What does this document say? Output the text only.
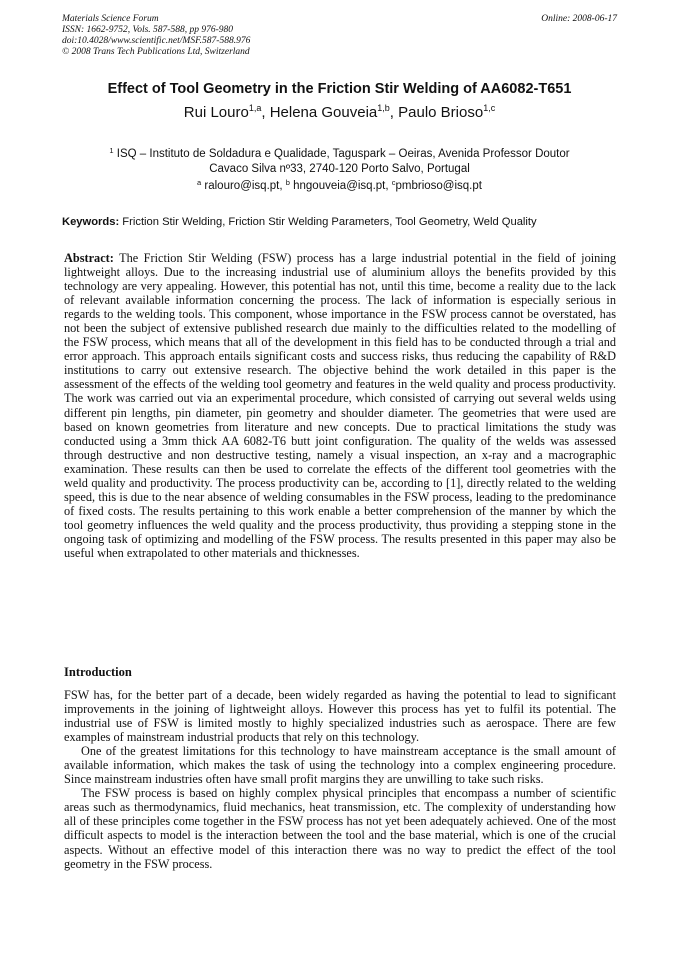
Materials Science Forum
ISSN: 1662-9752, Vols. 587-588, pp 976-980
doi:10.4028/www.scientific.net/MSF.587-588.976
© 2008 Trans Tech Publications Ltd, Switzerland
Online: 2008-06-17
Effect of Tool Geometry in the Friction Stir Welding of AA6082-T651
Rui Louro$^{1,a}$, Helena Gouveia$^{1,b}$, Paulo Brioso$^{1,c}$
$^1$ ISQ – Instituto de Soldadura e Qualidade, Taguspark – Oeiras, Avenida Professor Doutor
Cavaco Silva nº33, 2740-120 Porto Salvo, Portugal
$^a$ ralouro@isq.pt, $^b$ hngouveia@isq.pt, $^c$pmbrioso@isq.pt
Keywords: Friction Stir Welding, Friction Stir Welding Parameters, Tool Geometry, Weld Quality
Abstract: The Friction Stir Welding (FSW) process has a large industrial potential in the field of joining lightweight alloys. Due to the increasing industrial use of aluminium alloys the benefits provided by this technology are very appealing. However, this potential has not, until this time, become a reality due to the lack of relevant available information concerning the process. The lack of information is especially serious in regards to the welding tools. This component, whose importance in the FSW process cannot be overstated, has not been the subject of extensive published research due mainly to the difficulties related to the modelling of the FSW process, which means that all of the development in this field has to be conducted through a trial and error approach. This approach entails significant costs and success risks, thus reducing the capability of R&D institutions to carry out extensive research. The objective behind the work detailed in this paper is the assessment of the effects of the welding tool geometry and features in the weld quality and process productivity. The work was carried out via an experimental procedure, which consisted of carrying out several welds using different pin lengths, pin diameter, pin geometry and shoulder diameter. The geometries that were used are based on known geometries from literature and new concepts. Due to practical limitations the study was conducted using a 3mm thick AA 6082-T6 butt joint configuration. The quality of the welds was assessed through destructive and non destructive testing, namely a visual inspection, an x-ray and a macrographic examination. These results can then be used to correlate the effects of the different tool geometries with the weld quality and productivity. The process productivity can be, according to [1], directly related to the welding speed, this is due to the near absence of welding consumables in the FSW process, leading to the predominance of fixed costs. The results pertaining to this work enable a better comprehension of the manner by which the tool geometry influences the weld quality and the process productivity, thus providing a stepping stone in the ongoing task of optimizing and modelling of the FSW process. The results presented in this paper may also be useful when extrapolated to other materials and thicknesses.
Introduction

FSW has, for the better part of a decade, been widely regarded as having the potential to lead to significant improvements in the joining of lightweight alloys. However this process has yet to fulfil its potential. The industrial use of FSW is limited mostly to highly specialized industries such as aerospace. There are few examples of mainstream industrial products that rely on this technology.

One of the greatest limitations for this technology to have mainstream acceptance is the small amount of available information, which makes the task of using the technology into a complex engineering procedure. Since mainstream industries often have small profit margins they are unwilling to take such risks.

The FSW process is based on highly complex physical principles that encompass a number of scientific areas such as thermodynamics, fluid mechanics, heat transmission, etc. The complexity of understanding how all of these principles come together in the FSW process has not yet been adequately achieved. One of the most difficult aspects to model is the interaction between the tool and the base material, which is one of the crucial aspects. Without an effective model of this interaction there was no way to predict the effect of the tool geometry in the FSW process.
